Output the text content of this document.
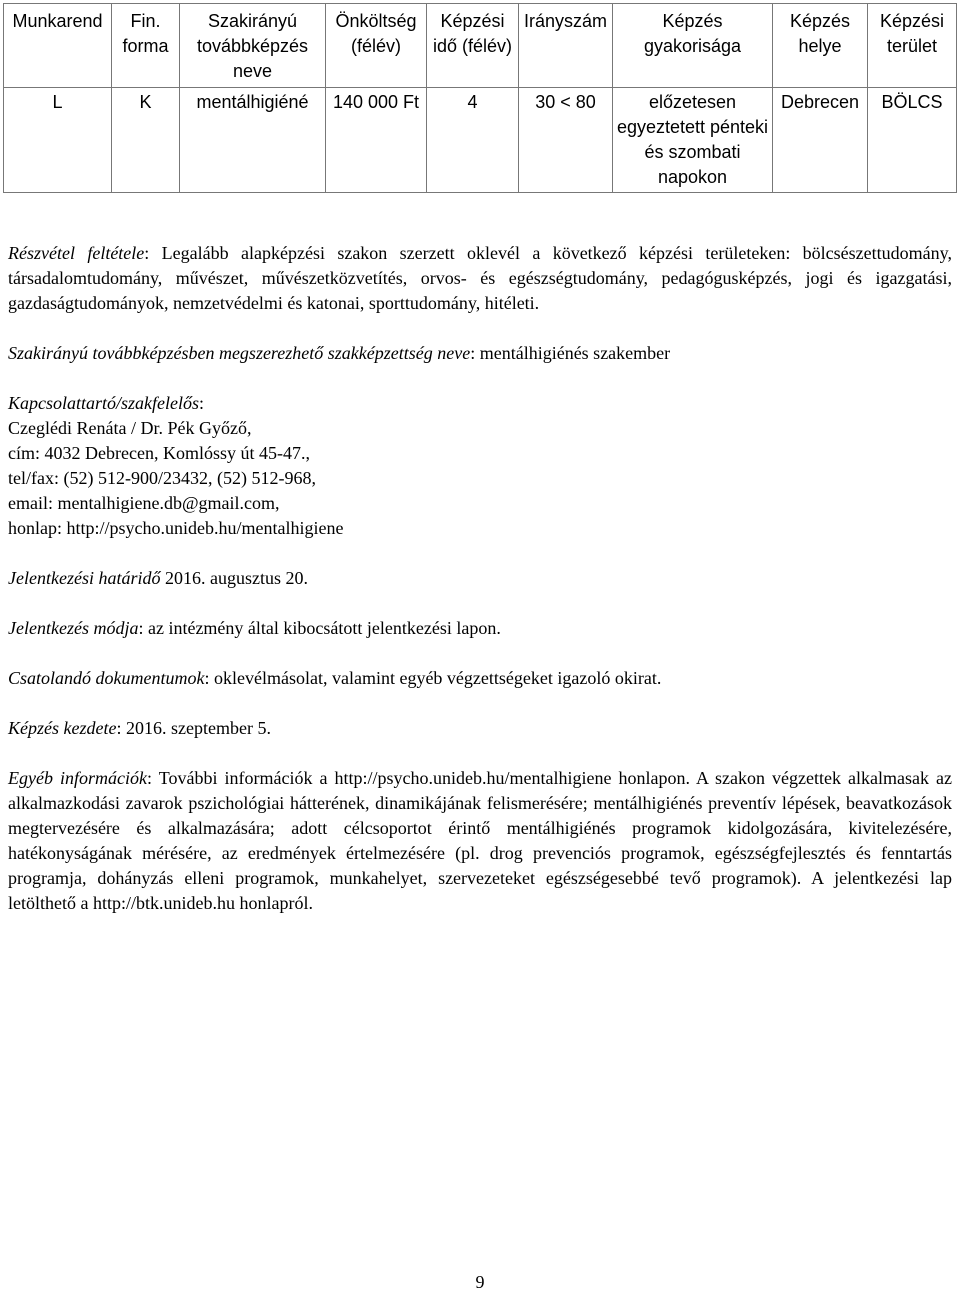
Munkarend	Fin. forma	Szakirányú továbbképzés neve	Önköltség (félév)	Képzési idő (félév)	Irányszám	Képzés gyakorisága	Képzés helye	Képzési terület
L	K	mentálhigiéné	140 000 Ft	4	30 < 80	előzetesen egyeztetett pénteki és szombati napokon	Debrecen	BÖLCS

Részvétel feltétele: Legalább alapképzési szakon szerzett oklevél a következő képzési területeken: bölcsészettudomány, társadalomtudomány, művészet, művészetközvetítés, orvos- és egészségtudomány, pedagógusképzés, jogi és igazgatási, gazdaságtudományok, nemzetvédelmi és katonai, sporttudomány, hitéleti.

Szakirányú továbbképzésben megszerezhető szakképzettség neve: mentálhigiénés szakember

Kapcsolattartó/szakfelelős:
Czeglédi Renáta / Dr. Pék Győző,
cím: 4032 Debrecen, Komlóssy út 45-47.,
tel/fax: (52) 512-900/23432, (52) 512-968,
email: mentalhigiene.db@gmail.com,
honlap: http://psycho.unideb.hu/mentalhigiene

Jelentkezési határidő 2016. augusztus 20.

Jelentkezés módja: az intézmény által kibocsátott jelentkezési lapon.

Csatolandó dokumentumok: oklevélmásolat, valamint egyéb végzettségeket igazoló okirat.

Képzés kezdete: 2016. szeptember 5.

Egyéb információk: További információk a http://psycho.unideb.hu/mentalhigiene honlapon. A szakon végzettek alkalmasak az alkalmazkodási zavarok pszichológiai hátterének, dinamikájának felismerésére; mentálhigiénés preventív lépések, beavatkozások megtervezésére és alkalmazására; adott célcsoportot érintő mentálhigiénés programok kidolgozására, kivitelezésére, hatékonyságának mérésére, az eredmények értelmezésére (pl. drog prevenciós programok, egészségfejlesztés és fenntartás programja, dohányzás elleni programok, munkahelyet, szervezeteket egészségesebbé tevő programok). A jelentkezési lap letölthető a http://btk.unideb.hu honlapról.

9
